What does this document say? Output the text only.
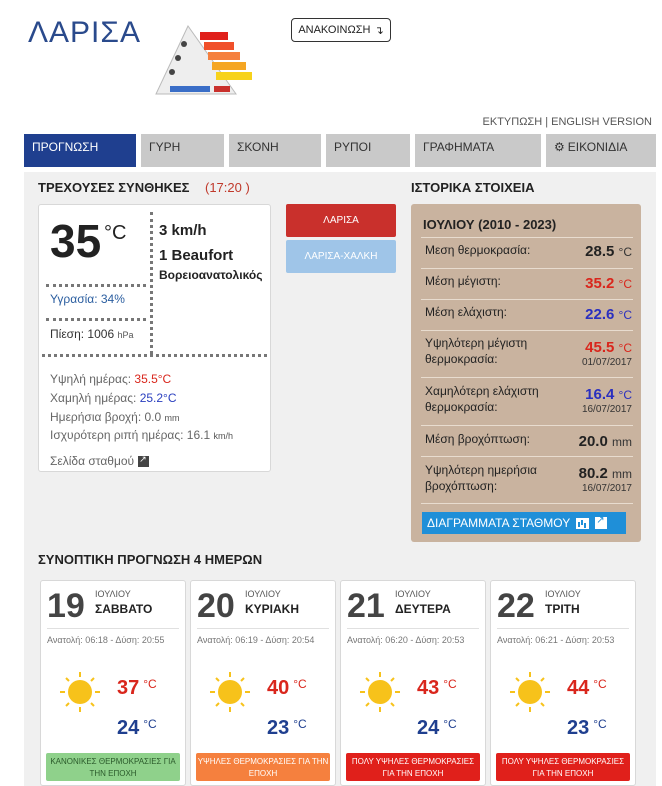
ΛΑΡΙΣΑ	ΑΝΑΚΟΙΝΩΣΗ ↴
ΕΚΤΥΠΩΣΗ | ENGLISH VERSION
ΠΡΟΓΝΩΣΗ	ΓΥΡΗ	ΣΚΟΝΗ	ΡΥΠΟΙ	ΓΡΑΦΗΜΑΤΑ	⚙ ΕΙΚΟΝΙΔΙΑ
ΤΡΕΧΟΥΣΕΣ ΣΥΝΘΗΚΕΣ (17:20 )	ΙΣΤΟΡΙΚΑ ΣΤΟΙΧΕΙΑ
35 °C 3 km/h
1 Beaufort
Βορειοανατολικός
Υγρασία: 34%
Πίεση: 1006 hPa
Υψηλή ημέρας: 35.5°C
Χαμηλή ημέρας: 25.2°C
Ημερήσια βροχή: 0.0 mm
Ισχυρότερη ριπή ημέρας: 16.1 km/h
Σελίδα σταθμού
↗
ΛΑΡΙΣΑ
ΛΑΡΙΣΑ-ΧΑΛΚΗ
ΙΟΥΛΙΟΥ (2010 - 2023)
Μεση θερμοκρασία:	28.5 °C
Μέση μέγιστη:	35.2 °C
Μέση ελάχιστη:	22.6 °C
Υψηλότερη μέγιστη θερμοκρασία:
45.5 °C
01/07/2017
Χαμηλότερη ελάχιστη θερμοκρασία:
16.4 °C
16/07/2017
Μέση βροχόπτωση:	20.0 mm
Υψηλότερη ημερήσια βροχόπτωση:
80.2 mm
16/07/2017
ΔΙΑΓΡΑΜΜΑΤΑ ΣΤΑΘΜΟΥ
↗
ΣΥΝΟΠΤΙΚΗ ΠΡΟΓΝΩΣΗ 4 ΗΜΕΡΩΝ
19 ΙΟΥΛΙΟΥ
ΣΑΒΒΑΤΟ
Ανατολή: 06:18 - Δύση: 20:55
37 $^{^\circ C}$
24 $^{^\circ C}$
ΚΑΝΟΝΙΚΕΣ ΘΕΡΜΟΚΡΑΣΙΕΣ ΓΙΑ ΤΗΝ ΕΠΟΧΗ
20 ΙΟΥΛΙΟΥ
ΚΥΡΙΑΚΗ
Ανατολή: 06:19 - Δύση: 20:54
40 $^{^\circ C}$
23 $^{^\circ C}$
ΥΨΗΛΕΣ ΘΕΡΜΟΚΡΑΣΙΕΣ ΓΙΑ ΤΗΝ ΕΠΟΧΗ
21 ΙΟΥΛΙΟΥ
ΔΕΥΤΕΡΑ
Ανατολή: 06:20 - Δύση: 20:53
43 $^{^\circ C}$
24 $^{^\circ C}$
ΠΟΛΥ ΥΨΗΛΕΣ ΘΕΡΜΟΚΡΑΣΙΕΣ ΓΙΑ ΤΗΝ ΕΠΟΧΗ
22 ΙΟΥΛΙΟΥ
ΤΡΙΤΗ
Ανατολή: 06:21 - Δύση: 20:53
44 $^{^\circ C}$
23 $^{^\circ C}$
ΠΟΛΥ ΥΨΗΛΕΣ ΘΕΡΜΟΚΡΑΣΙΕΣ ΓΙΑ ΤΗΝ ΕΠΟΧΗ
